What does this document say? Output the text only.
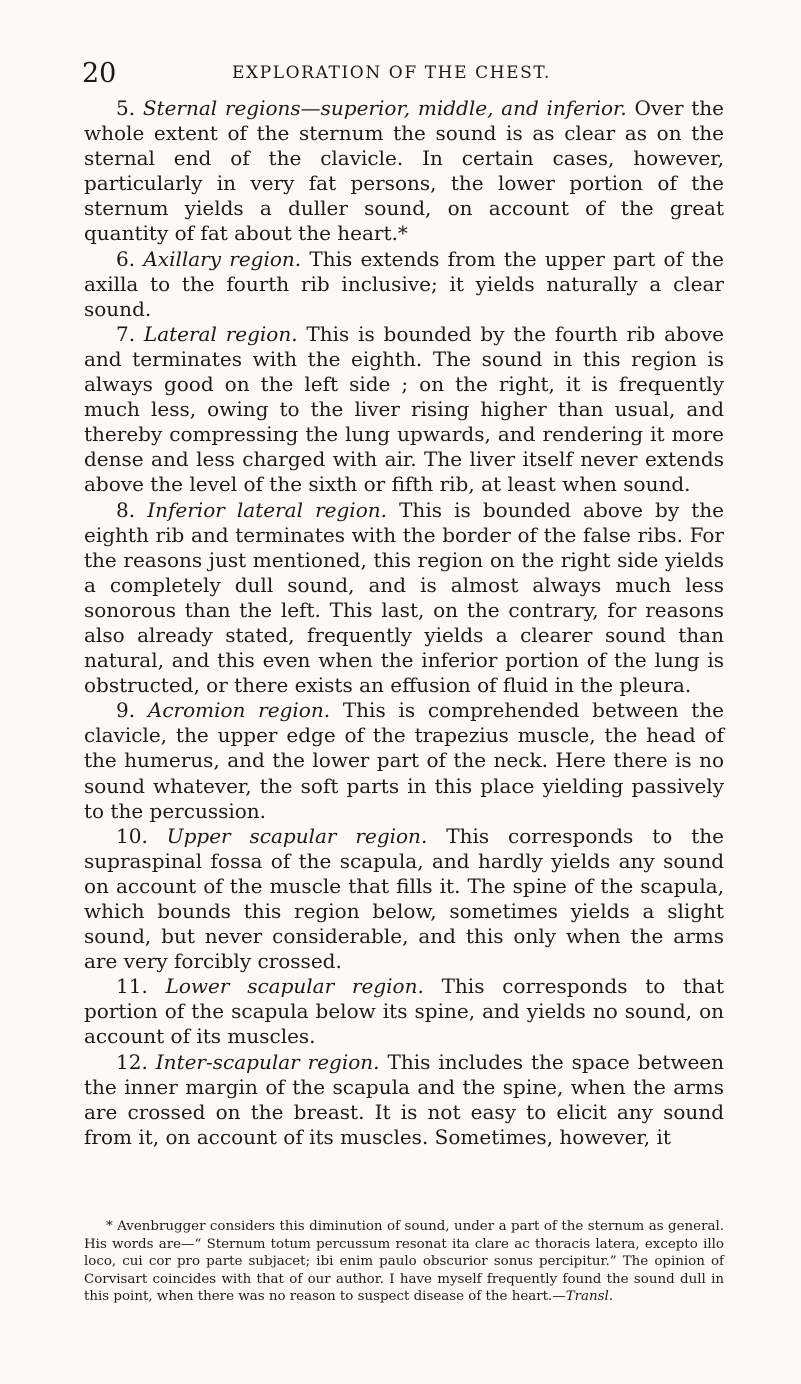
20	EXPLORATION OF THE CHEST.

5. Sternal regions—superior, middle, and inferior. Over the whole extent of the sternum the sound is as clear as on the sternal end of the clavicle. In certain cases, however, particularly in very fat persons, the lower portion of the sternum yields a duller sound, on account of the great quantity of fat about the heart.*

6. Axillary region. This extends from the upper part of the axilla to the fourth rib inclusive; it yields naturally a clear sound.

7. Lateral region. This is bounded by the fourth rib above and terminates with the eighth. The sound in this region is always good on the left side ; on the right, it is frequently much less, owing to the liver rising higher than usual, and thereby compressing the lung upwards, and rendering it more dense and less charged with air. The liver itself never extends above the level of the sixth or fifth rib, at least when sound.

8. Inferior lateral region. This is bounded above by the eighth rib and terminates with the border of the false ribs. For the reasons just mentioned, this region on the right side yields a completely dull sound, and is almost always much less sonorous than the left. This last, on the contrary, for reasons also already stated, frequently yields a clearer sound than natural, and this even when the inferior portion of the lung is obstructed, or there exists an effusion of fluid in the pleura.

9. Acromion region. This is comprehended between the clavicle, the upper edge of the trapezius muscle, the head of the humerus, and the lower part of the neck. Here there is no sound whatever, the soft parts in this place yielding passively to the percussion.

10. Upper scapular region. This corresponds to the supraspinal fossa of the scapula, and hardly yields any sound on account of the muscle that fills it. The spine of the scapula, which bounds this region below, sometimes yields a slight sound, but never considerable, and this only when the arms are very forcibly crossed.

11. Lower scapular region. This corresponds to that portion of the scapula below its spine, and yields no sound, on account of its muscles.

12. Inter-scapular region. This includes the space between the inner margin of the scapula and the spine, when the arms are crossed on the breast. It is not easy to elicit any sound from it, on account of its muscles. Sometimes, however, it

* Avenbrugger considers this diminution of sound, under a part of the sternum as general. His words are—“ Sternum totum percussum resonat ita clare ac thoracis latera, excepto illo loco, cui cor pro parte subjacet; ibi enim paulo obscurior sonus percipitur.” The opinion of Corvisart coincides with that of our author. I have myself frequently found the sound dull in this point, when there was no reason to suspect disease of the heart.—Transl.
